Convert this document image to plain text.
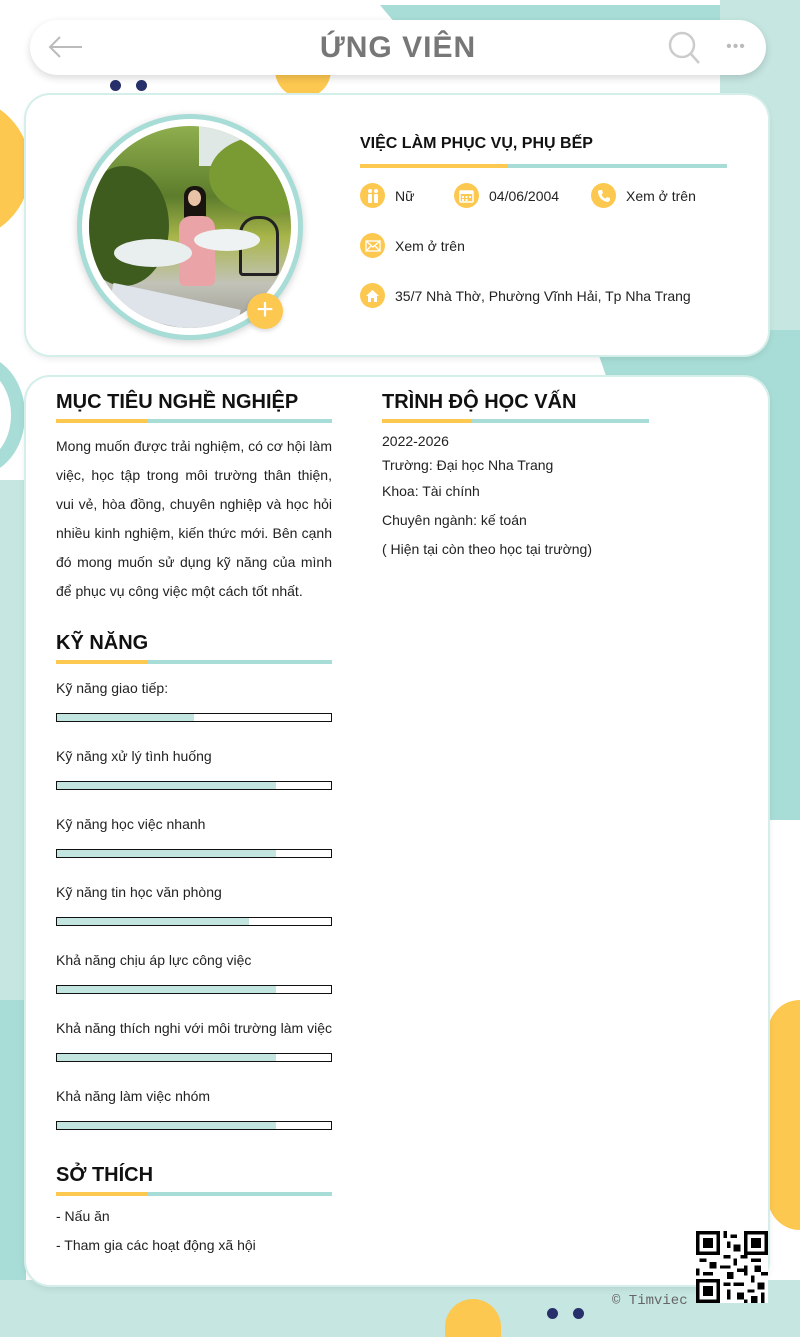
ỨNG VIÊN	•••
+
VIỆC LÀM PHỤC VỤ, PHỤ BẾP
Nữ	04/06/2004	Xem ở trên
Xem ở trên
35/7 Nhà Thờ, Phường Vĩnh Hải, Tp Nha Trang
MỤC TIÊU NGHỀ NGHIỆP
Mong muốn được trải nghiệm, có cơ hội làm việc, học tập trong môi trường thân thiện, vui vẻ, hòa đồng, chuyên nghiệp và học hỏi nhiều kinh nghiệm, kiến thức mới. Bên cạnh đó mong muốn sử dụng kỹ năng của mình để phục vụ công việc một cách tốt nhất.
TRÌNH ĐỘ HỌC VẤN
2022-2026
Trường: Đại học Nha Trang
Khoa: Tài chính
Chuyên ngành: kế toán
( Hiện tại còn theo học tại trường)
KỸ NĂNG
Kỹ năng giao tiếp:
Kỹ năng xử lý tình huống
Kỹ năng học việc nhanh
Kỹ năng tin học văn phòng
Khả năng chịu áp lực công việc
Khả năng thích nghi với môi trường làm việc
Khả năng làm việc nhóm
SỞ THÍCH
- Nấu ăn
- Tham gia các hoạt động xã hội
© Timviec
